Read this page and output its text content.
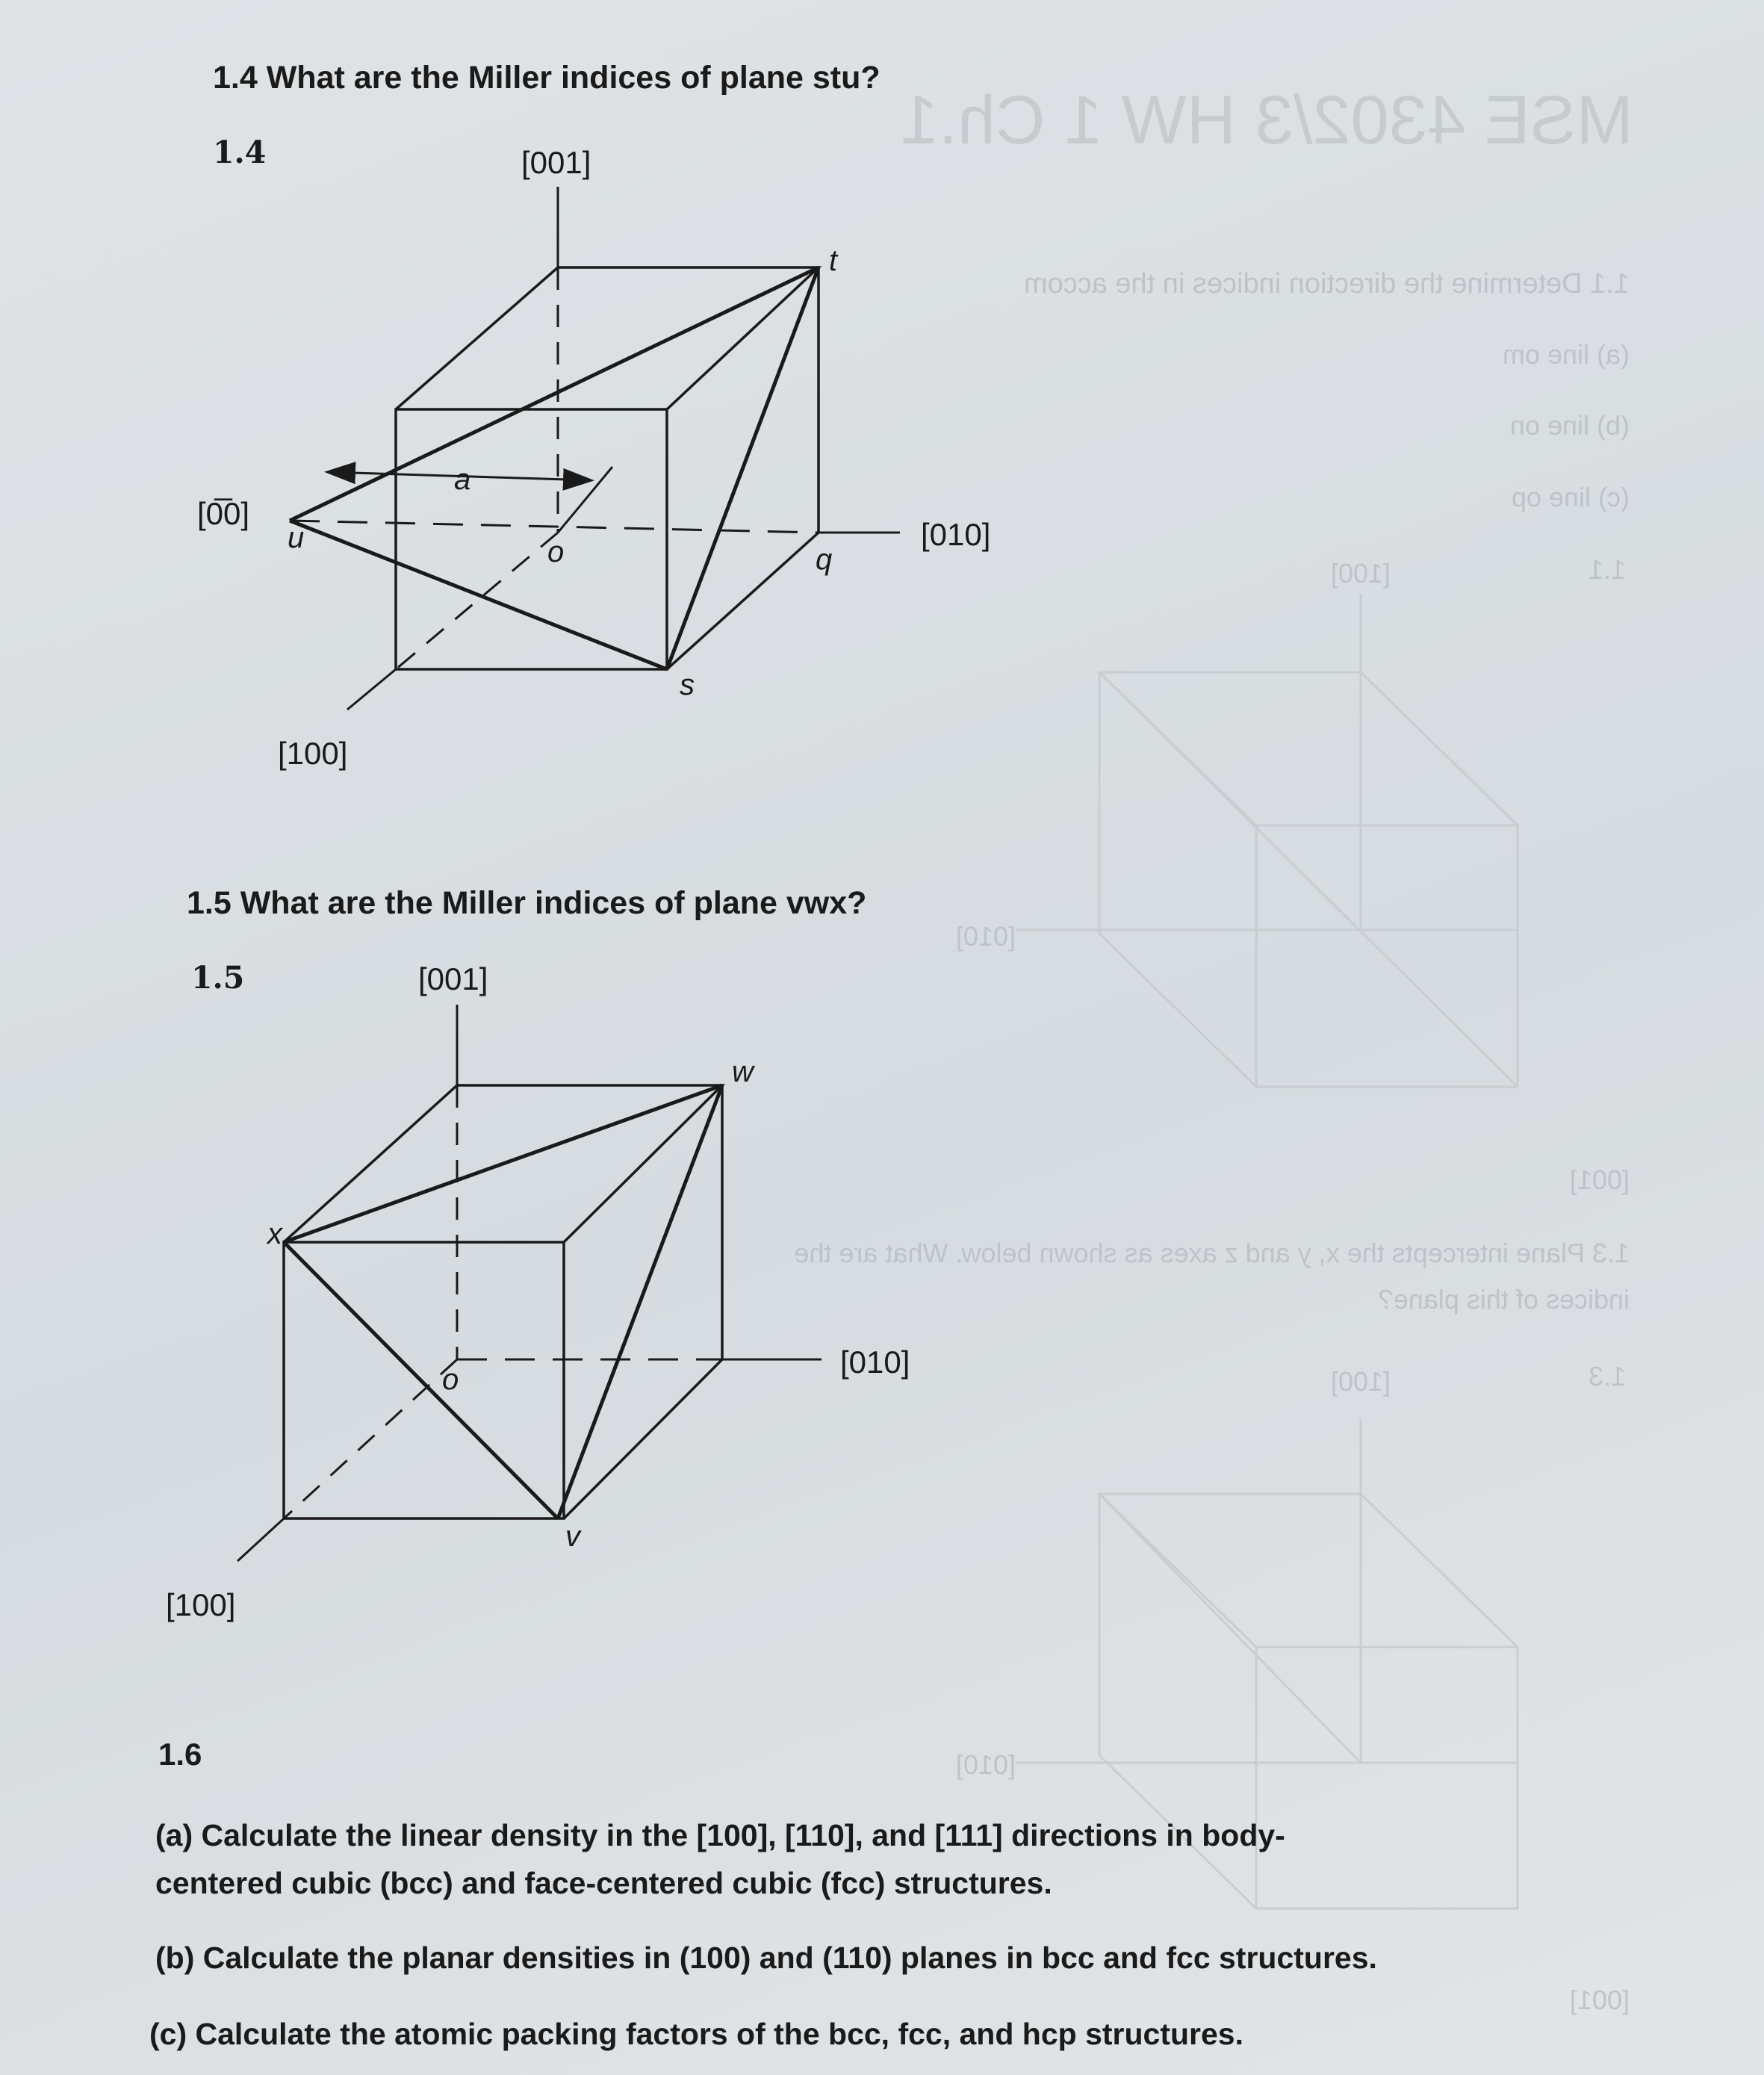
MSE 4302/3 HW 1 Ch.1
1.1 Determine the direction indices in the accom
(a) line om
(b) line on
(c) line op
[100]	1.1
[010]
[001]
1.3 Plane intercepts the x, y and z axes as shown below. What are the
indices of this plane?
[100]	1.3
[010]
[001]

1.4 What are the Miller indices of plane stu?

1.4	[001]
[010]
[0̅0]
[100]
t
u	o	q
s
a

1.5 What are the Miller indices of plane vwx?

1.5	[001]
[010]
[100]
w
x
o
v

1.6

(a) Calculate the linear density in the [100], [110], and [111] directions in body-

centered cubic (bcc) and face-centered cubic (fcc) structures.

(b) Calculate the planar densities in (100) and (110) planes in bcc and fcc structures.

(c) Calculate the atomic packing factors of the bcc, fcc, and hcp structures.
